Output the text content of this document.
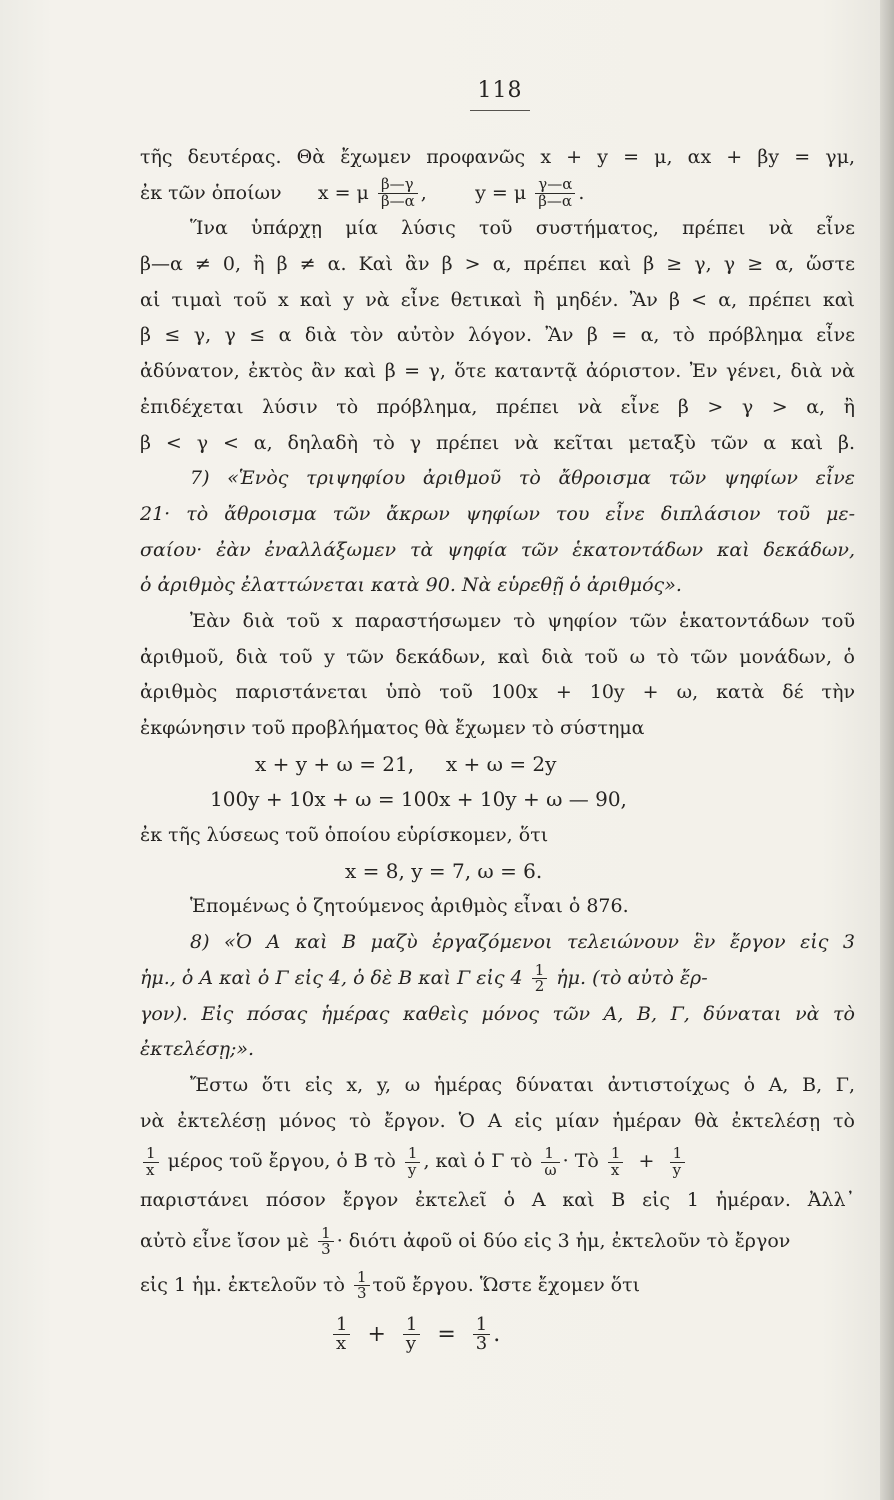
118
τῆς δευτέρας. Θὰ ἔχωμεν προφανῶς x + y = μ, αx + βy = γμ,
ἐκ τῶν ὁποίων x = μ $\frac{\beta—\gamma}{\beta—\alpha}$ ,        y = μ $\frac{\gamma—\alpha}{\beta—\alpha}$ .
Ἵνα ὑπάρχῃ μία λύσις τοῦ συστήματος, πρέπει νὰ εἶνε
β—α ≠ 0, ἢ β ≠ α. Καὶ ἂν β > α, πρέπει καὶ β ≥ γ, γ ≥ α, ὥστε
αἱ τιμαὶ τοῦ x καὶ y νὰ εἶνε θετικαὶ ἢ μηδέν. Ἂν β < α, πρέπει καὶ
β ≤ γ, γ ≤ α διὰ τὸν αὐτὸν λόγον. Ἂν β = α, τὸ πρόβλημα εἶνε
ἀδύνατον, ἐκτὸς ἂν καὶ β = γ, ὅτε καταντᾷ ἀόριστον. Ἐν γένει, διὰ νὰ
ἐπιδέχεται λύσιν τὸ πρόβλημα, πρέπει νὰ εἶνε β > γ > α, ἢ
β < γ < α, δηλαδὴ τὸ γ πρέπει νὰ κεῖται μεταξὺ τῶν α καὶ β.
7) «Ἑνὸς τριψηφίου ἀριθμοῦ τὸ ἄθροισμα τῶν ψηφίων εἶνε
21· τὸ ἄθροισμα τῶν ἄκρων ψηφίων του εἶνε διπλάσιον τοῦ με-
σαίου· ἐὰν ἐναλλάξωμεν τὰ ψηφία τῶν ἑκατοντάδων καὶ δεκάδων,
ὁ ἀριθμὸς ἐλαττώνεται κατὰ 90. Νὰ εὑρεθῇ ὁ ἀριθμός».
Ἐὰν διὰ τοῦ x παραστήσωμεν τὸ ψηφίον τῶν ἑκατοντάδων τοῦ
ἀριθμοῦ, διὰ τοῦ y τῶν δεκάδων, καὶ διὰ τοῦ ω τὸ τῶν μονάδων, ὁ
ἀριθμὸς παριστάνεται ὑπὸ τοῦ 100x + 10y + ω, κατὰ δέ τὴν
ἐκφώνησιν τοῦ προβλήματος θὰ ἔχωμεν τὸ σύστημα
x + y + ω = 21,     x + ω = 2y
100y + 10x + ω = 100x + 10y + ω — 90,
ἐκ τῆς λύσεως τοῦ ὁποίου εὑρίσκομεν, ὅτι
x = 8, y = 7, ω = 6.
Ἑπομένως ὁ ζητούμενος ἀριθμὸς εἶναι ὁ 876.
8) «Ὁ Α καὶ Β μαζὺ ἐργαζόμενοι τελειώνουν ἓν ἔργον εἰς 3
ἡμ., ὁ Α καὶ ὁ Γ εἰς 4, ὁ δὲ Β καὶ Γ εἰς $4 \frac{1}{2}$ ἡμ. (τὸ αὐτὸ ἔρ-
γον). Εἰς πόσας ἡμέρας καθεὶς μόνος τῶν Α, Β, Γ, δύναται νὰ τὸ
ἐκτελέσῃ;».
Ἔστω ὅτι εἰς x, y, ω ἡμέρας δύναται ἀντιστοίχως ὁ Α, Β, Γ,
νὰ ἐκτελέσῃ μόνος τὸ ἔργον. Ὁ Α εἰς μίαν ἡμέραν θὰ ἐκτελέσῃ τὸ
$\frac{1}{x}$ μέρος τοῦ ἔργου, ὁ Β τὸ $\frac{1}{y}$ , καὶ ὁ Γ τὸ $\frac{1}{\omega}$ · Τὸ $\frac{1}{x} + \frac{1}{y}$
παριστάνει πόσον ἔργον ἐκτελεῖ ὁ Α καὶ Β εἰς 1 ἡμέραν. Ἀλλ᾽
αὐτὸ εἶνε ἴσον μὲ $\frac{1}{3} \cdot \delta\iota ό\tau\iota$ ἀφοῦ οἱ δύο εἰς 3 ἡμ, ἐκτελοῦν τὸ ἔργον
εἰς 1 ἡμ. ἐκτελοῦν τὸ $\frac{1}{3}$ τοῦ ἔργου. Ὥστε ἔχομεν ὅτι
$\frac{1}{x} + \frac{1}{y} = \frac{1}{3}$ .
